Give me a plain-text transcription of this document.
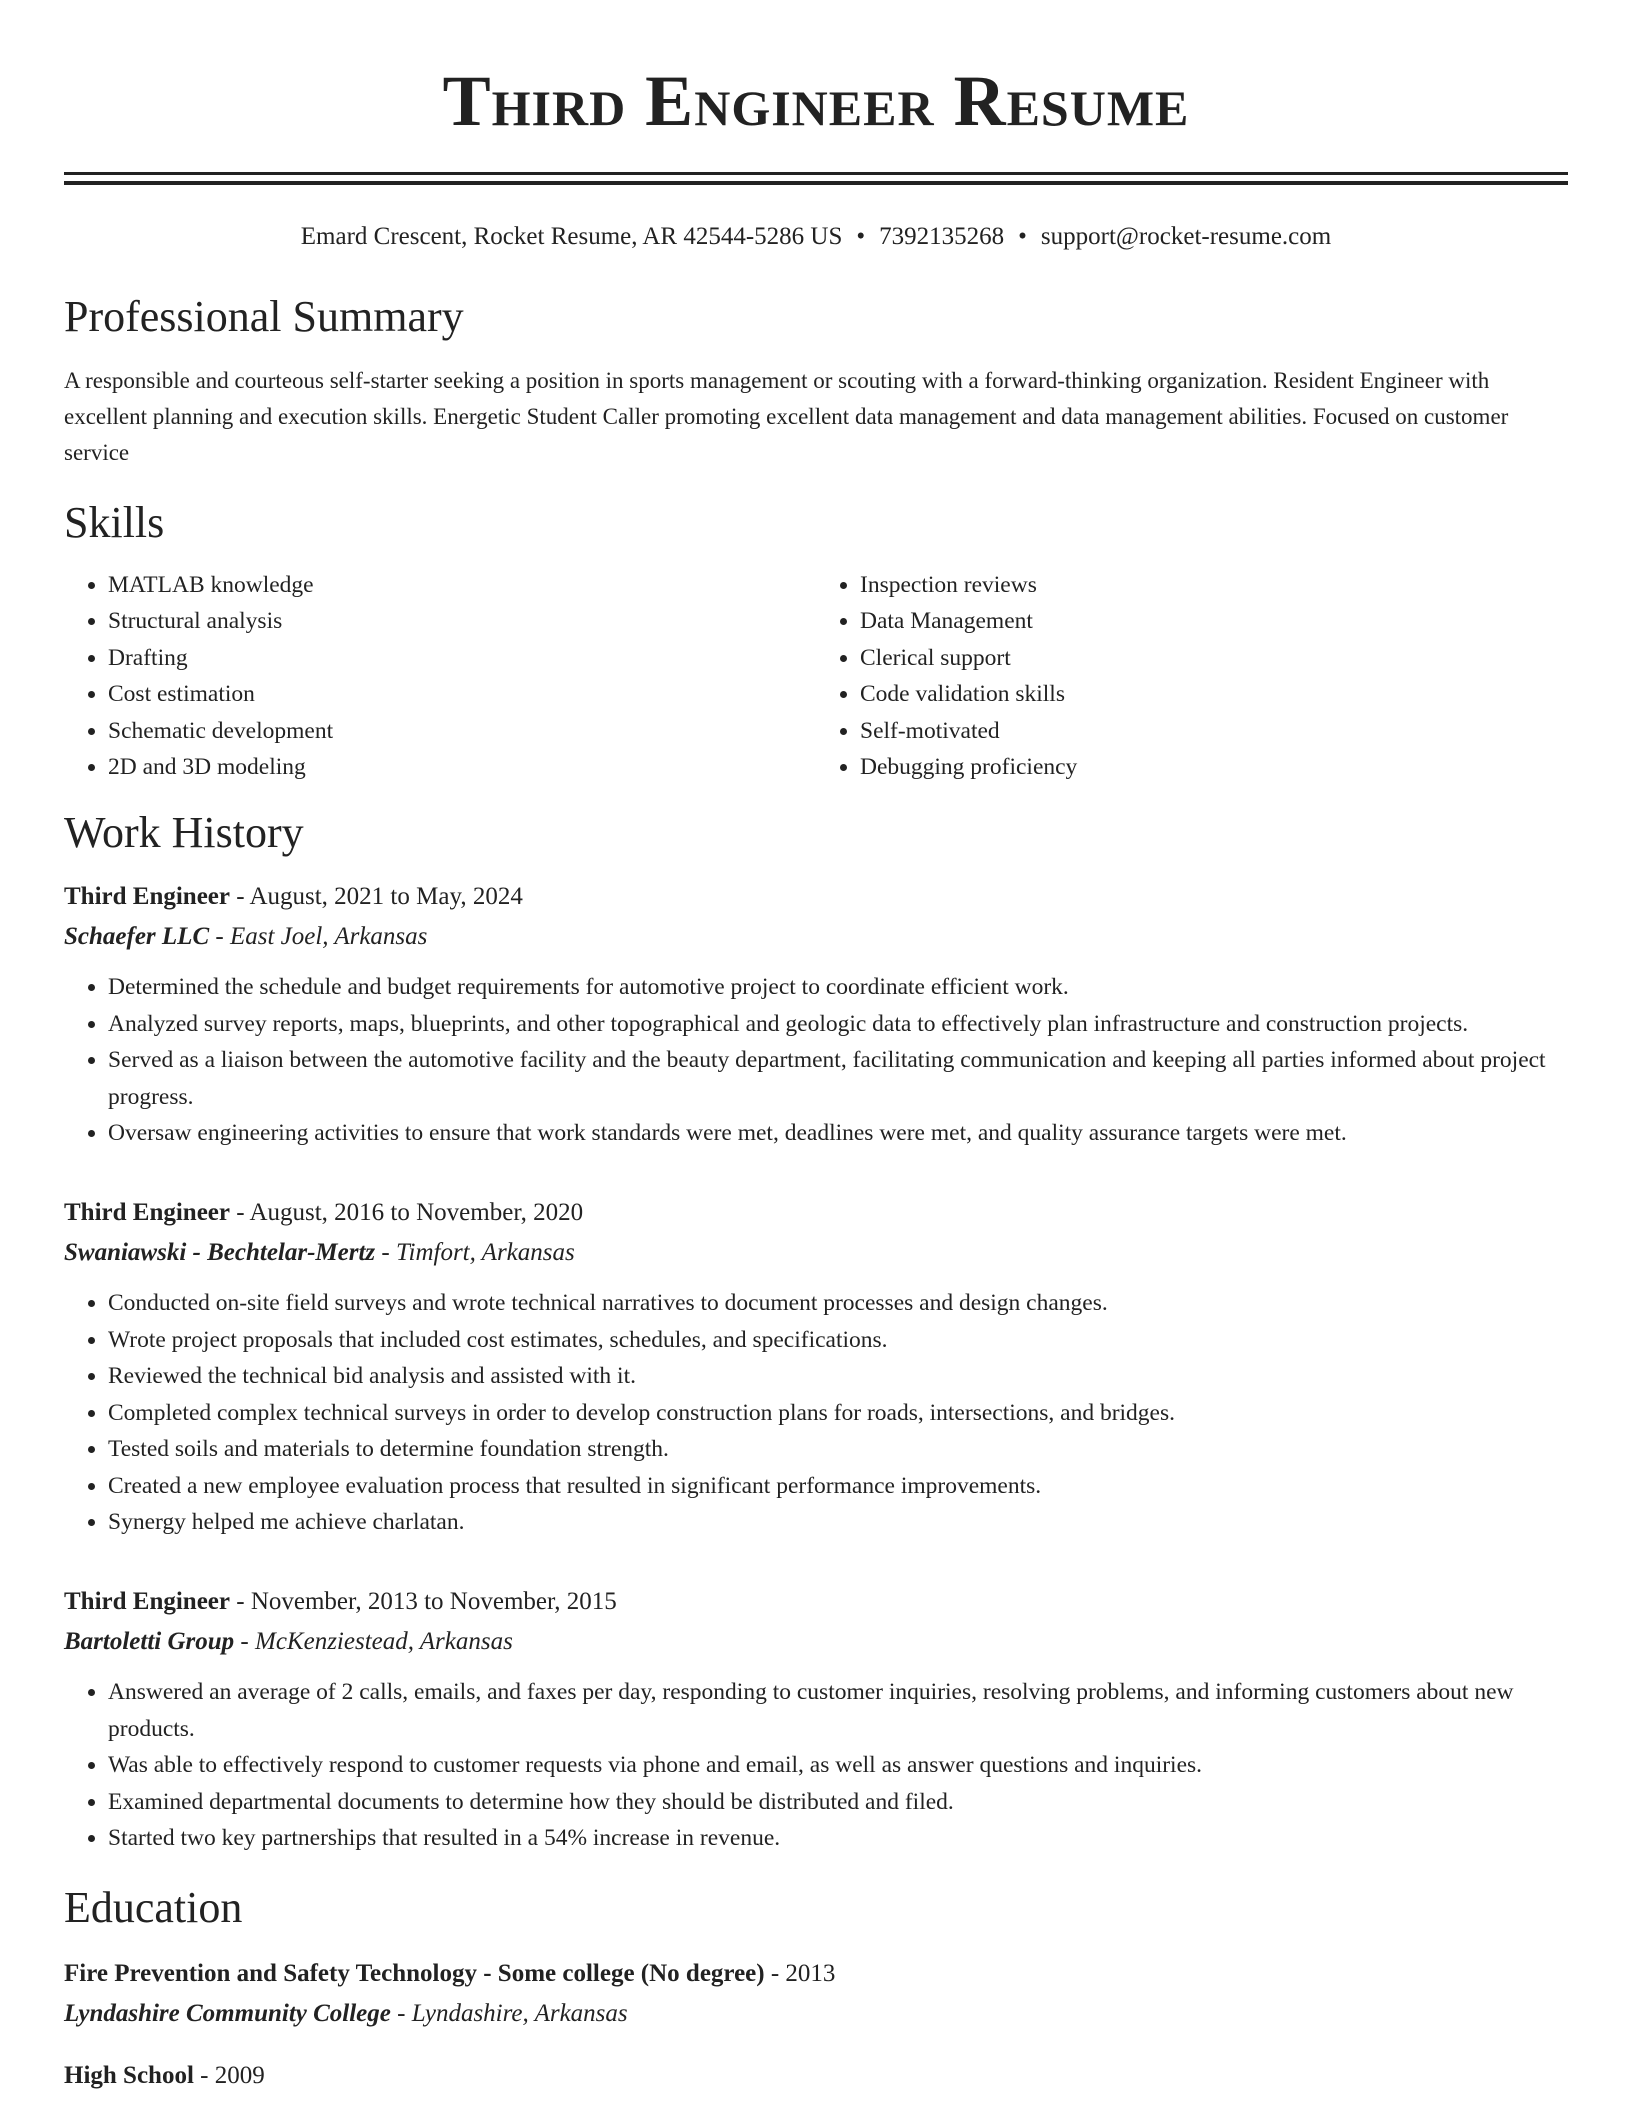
Third Engineer Resume
Emard Crescent, Rocket Resume, AR 42544-5286 US • 7392135268 • support@rocket-resume.com
Professional Summary
A responsible and courteous self-starter seeking a position in sports management or scouting with a forward-thinking organization. Resident Engineer with excellent planning and execution skills. Energetic Student Caller promoting excellent data management and data management abilities. Focused on customer service
Skills
• MATLAB knowledge
• Structural analysis
• Drafting
• Cost estimation
• Schematic development
• 2D and 3D modeling
• Inspection reviews
• Data Management
• Clerical support
• Code validation skills
• Self-motivated
• Debugging proficiency
Work History
Third Engineer - August, 2021 to May, 2024
Schaefer LLC - East Joel, Arkansas
• Determined the schedule and budget requirements for automotive project to coordinate efficient work.
• Analyzed survey reports, maps, blueprints, and other topographical and geologic data to effectively plan infrastructure and construction projects.
• Served as a liaison between the automotive facility and the beauty department, facilitating communication and keeping all parties informed about project progress.
• Oversaw engineering activities to ensure that work standards were met, deadlines were met, and quality assurance targets were met.
Third Engineer - August, 2016 to November, 2020
Swaniawski - Bechtelar-Mertz - Timfort, Arkansas
• Conducted on-site field surveys and wrote technical narratives to document processes and design changes.
• Wrote project proposals that included cost estimates, schedules, and specifications.
• Reviewed the technical bid analysis and assisted with it.
• Completed complex technical surveys in order to develop construction plans for roads, intersections, and bridges.
• Tested soils and materials to determine foundation strength.
• Created a new employee evaluation process that resulted in significant performance improvements.
• Synergy helped me achieve charlatan.
Third Engineer - November, 2013 to November, 2015
Bartoletti Group - McKenziestead, Arkansas
• Answered an average of 2 calls, emails, and faxes per day, responding to customer inquiries, resolving problems, and informing customers about new products.
• Was able to effectively respond to customer requests via phone and email, as well as answer questions and inquiries.
• Examined departmental documents to determine how they should be distributed and filed.
• Started two key partnerships that resulted in a 54% increase in revenue.
Education
Fire Prevention and Safety Technology - Some college (No degree) - 2013
Lyndashire Community College - Lyndashire, Arkansas
High School - 2009
